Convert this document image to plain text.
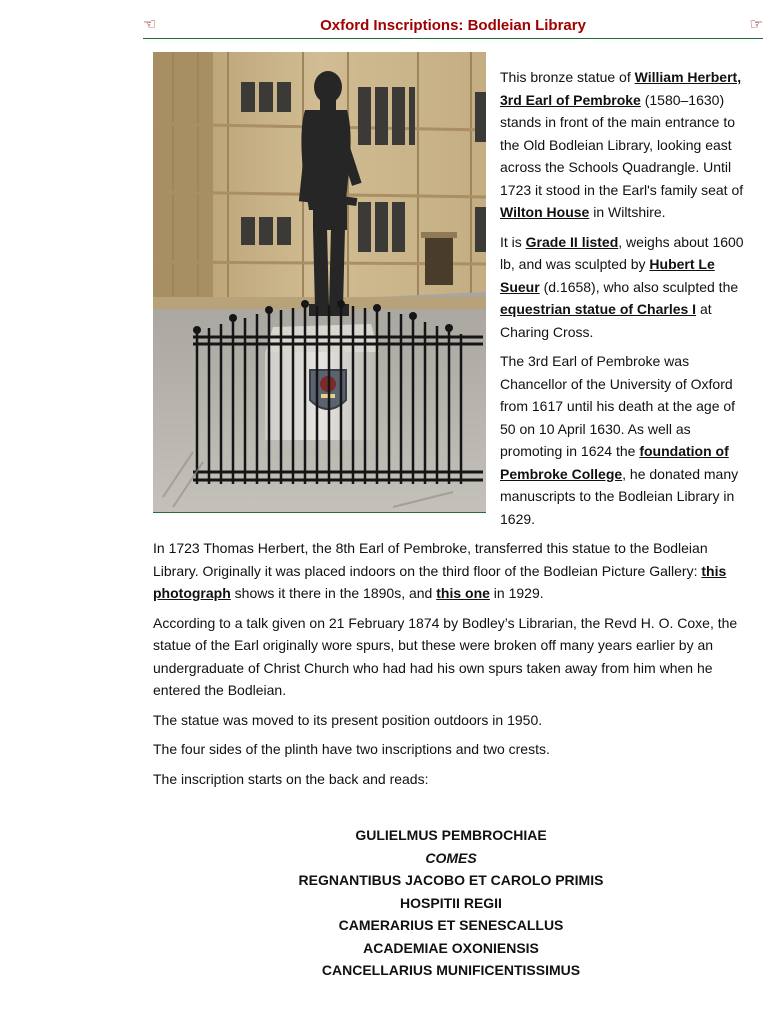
☜	Oxford Inscriptions: Bodleian Library	☞

This bronze statue of William Herbert, 3rd Earl of Pembroke (1580–1630) stands in front of the main entrance to the Old Bodleian Library, looking east across the Schools Quadrangle. Until 1723 it stood in the Earl's family seat of Wilton House in Wiltshire.

It is Grade II listed, weighs about 1600 lb, and was sculpted by Hubert Le Sueur (d.1658), who also sculpted the equestrian statue of Charles I at Charing Cross.

The 3rd Earl of Pembroke was Chancellor of the University of Oxford from 1617 until his death at the age of 50 on 10 April 1630. As well as promoting in 1624 the foundation of Pembroke College, he donated many manuscripts to the Bodleian Library in 1629.

In 1723 Thomas Herbert, the 8th Earl of Pembroke, transferred this statue to the Bodleian Library. Originally it was placed indoors on the third floor of the Bodleian Picture Gallery: this photograph shows it there in the 1890s, and this one in 1929.

According to a talk given on 21 February 1874 by Bodley’s Librarian, the Revd H. O. Coxe, the statue of the Earl originally wore spurs, but these were broken off many years earlier by an undergraduate of Christ Church who had had his own spurs taken away from him when he entered the Bodleian.

The statue was moved to its present position outdoors in 1950.

The four sides of the plinth have two inscriptions and two crests.

The inscription starts on the back and reads:

GULIELMUS PEMBROCHIAE
COMES
REGNANTIBUS JACOBO ET CAROLO PRIMIS
HOSPITII REGII
CAMERARIUS ET SENESCALLUS
ACADEMIAE OXONIENSIS
CANCELLARIUS MUNIFICENTISSIMUS
